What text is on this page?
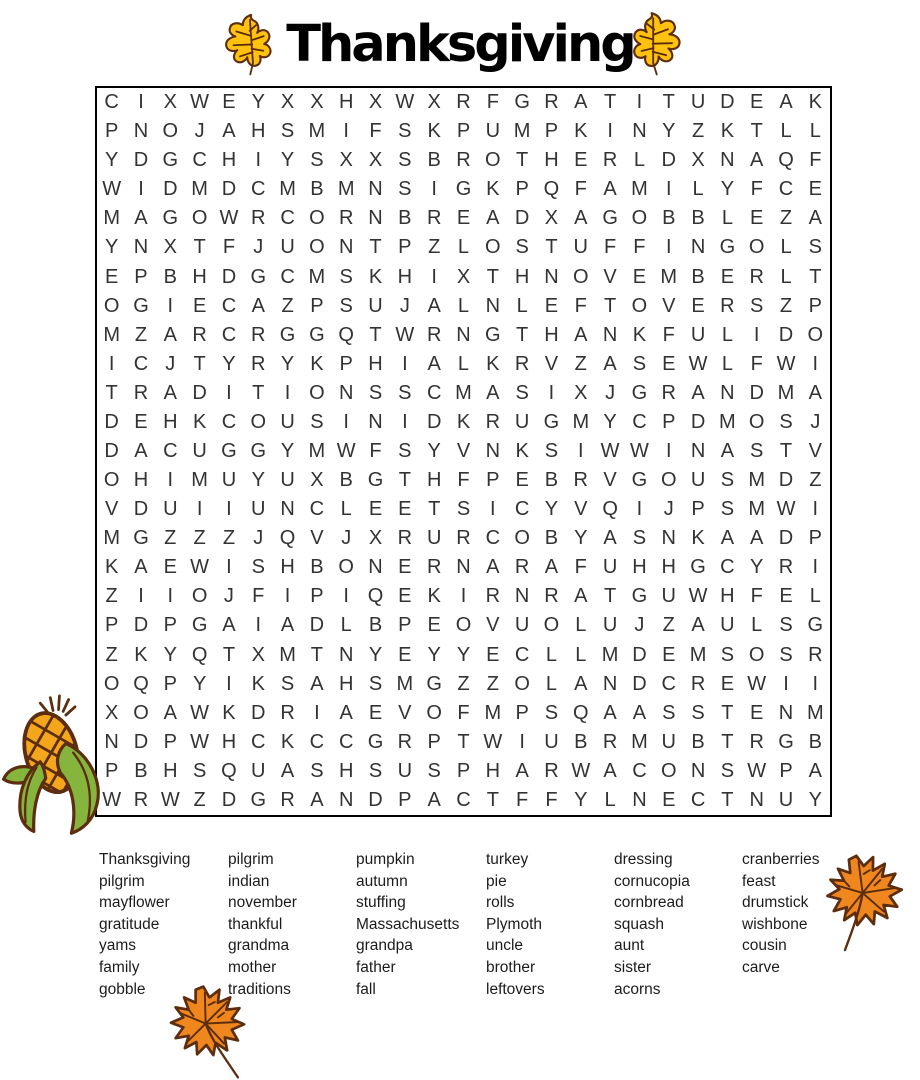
Thanksgiving
C I X W E Y X X H X W X R F G R A T	I	T U D E A K
P N O J A H S M I	F S K P U M P K I N Y Z K T L L
Y D G C H I Y S X X S B R O T H E R L D X N A Q F
W I D M D C M B M N S I G K P Q F A M I	L Y F C E
M A G O W R C O R N B R E A D X A G O B B L E Z A
Y N X T F J U O N T P Z L O S T U F F	I N G O L S
E P B H D G C M S K H I X T H N O V E M B E R L T
O G I E C A Z P S U J A L N L E F T O V E R S Z P
M Z A R C R G G Q T W R N G T H A N K F U L	I D O
I C J T Y R Y K P H I A L K R V Z A S E W L F W I
T R A D I	T	I O N S S C M A S I X J G R A N D M A
D E H K C O U S I N I D K R U G M Y C P D M O S J
D A C U G G Y M W F S Y V N K S I W W I N A S T V
O H I M U Y U X B G T H F P E B R V G O U S M D Z
V D U I	I U N C L E E T S I C Y V Q I	J P S M W I
M G Z Z Z J Q V J X R U R C O B Y A S N K A A D P
K A E W I S H B O N E R N A R A F U H H G C Y R I
Z	I	I O J F	I P I Q E K I R N R A T G U W H F E L
P D P G A I A D L B P E O V U O L U J Z A U L S G
Z K Y Q T X M T N Y E Y Y E C L L M D E M S O S R
O Q P Y I K S A H S M G Z Z O L A N D C R E W I	I
X O A W K D R I A E V O F M P S Q A A S S T E N M
N D P W H C K C C G R P T W I U B R M U B T R G B
P B H S Q U A S H S U S P H A R W A C O N S W P A
W R W Z D G R A N D P A C T F F Y L N E C T N U Y
Thanksgiving
pilgrim
mayflower
gratitude
yams
family
gobble
pilgrim
indian
november
thankful
grandma
mother
traditions
pumpkin
autumn
stuffing
Massachusetts
grandpa
father
fall
turkey
pie
rolls
Plymoth
uncle
brother
leftovers
dressing
cornucopia
cornbread
squash
aunt
sister
acorns
cranberries
feast
drumstick
wishbone
cousin
carve
